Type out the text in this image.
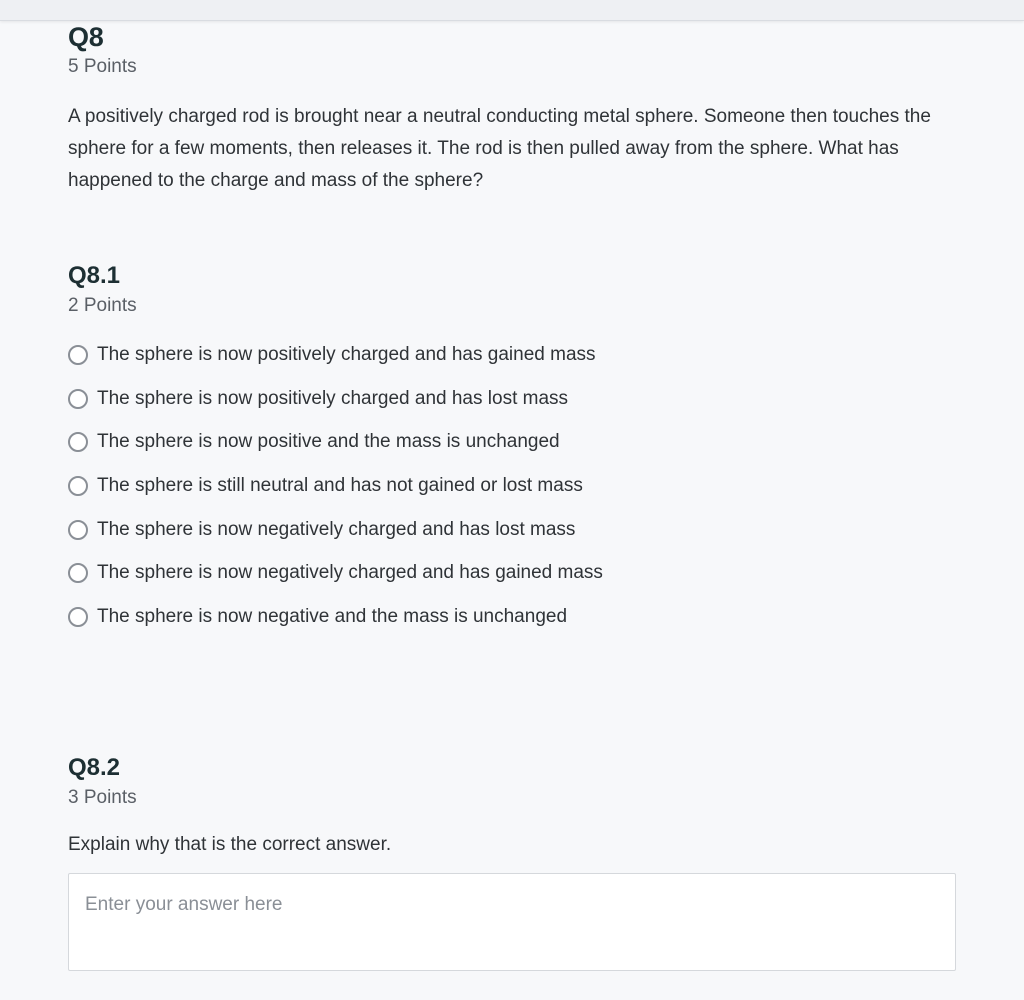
Q8
5 Points
A positively charged rod is brought near a neutral conducting metal sphere. Someone then touches the sphere for a few moments, then releases it. The rod is then pulled away from the sphere. What has happened to the charge and mass of the sphere?
Q8.1
2 Points
The sphere is now positively charged and has gained mass
The sphere is now positively charged and has lost mass
The sphere is now positive and the mass is unchanged
The sphere is still neutral and has not gained or lost mass
The sphere is now negatively charged and has lost mass
The sphere is now negatively charged and has gained mass
The sphere is now negative and the mass is unchanged
Q8.2
3 Points
Explain why that is the correct answer.
Enter your answer here
